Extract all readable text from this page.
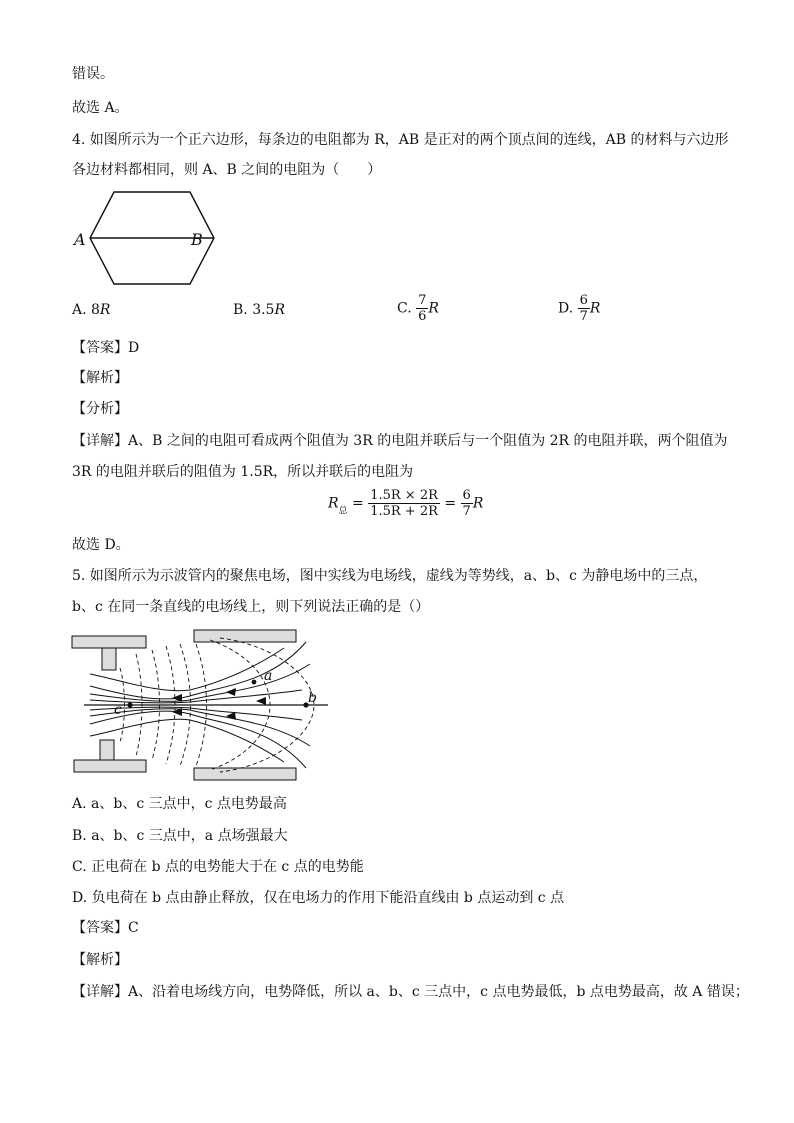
错误。
故选 A。
4. 如图所示为一个正六边形，每条边的电阻都为 R，AB 是正对的两个顶点间的连线，AB 的材料与六边形
各边材料都相同，则 A、B 之间的电阻为（　　）
A	B
A. 8R	B. 3.5R	C. $\frac{7}{6}$ R	D. $\frac{6}{7}$ R
【答案】D
【解析】
【分析】
【详解】A、B 之间的电阻可看成两个阻值为 3R 的电阻并联后与一个阻值为 2R 的电阻并联，两个阻值为
3R 的电阻并联后的阻值为 1.5R，所以并联后的电阻为
$R_总 = \frac{1.5R \times 2R}{1.5R + 2R} = \frac{6}{7}$ R
故选 D。
5. 如图所示为示波管内的聚焦电场，图中实线为电场线，虚线为等势线，a、b、c 为静电场中的三点，
b、c 在同一条直线的电场线上，则下列说法正确的是（）
a
b
c
A. a、b、c 三点中，c 点电势最高
B. a、b、c 三点中，a 点场强最大
C. 正电荷在 b 点的电势能大于在 c 点的电势能
D. 负电荷在 b 点由静止释放，仅在电场力的作用下能沿直线由 b 点运动到 c 点
【答案】C
【解析】
【详解】A、沿着电场线方向，电势降低，所以 a、b、c 三点中，c 点电势最低，b 点电势最高，故 A 错误；
